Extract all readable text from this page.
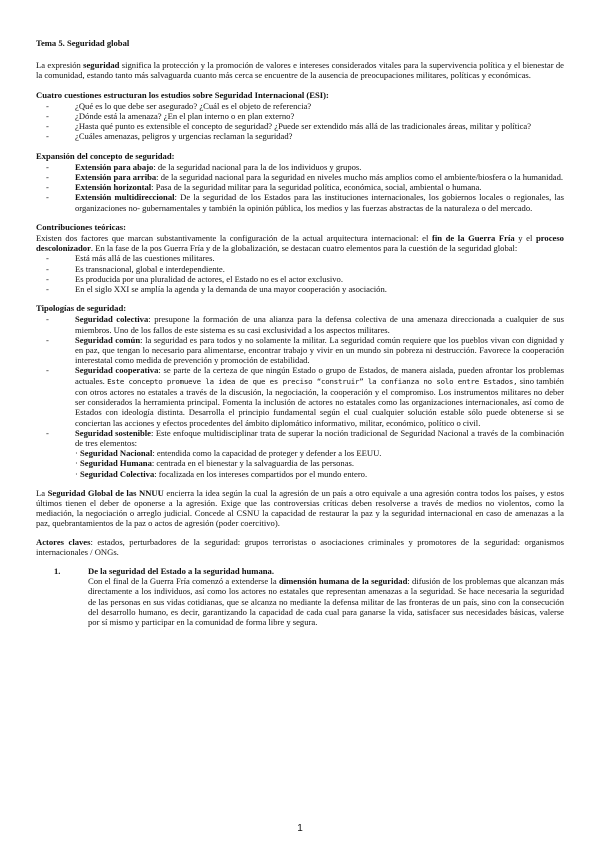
Tema 5. Seguridad global

La expresión seguridad significa la protección y la promoción de valores e intereses considerados vitales para la supervivencia política y el bienestar de la comunidad, estando tanto más salvaguarda cuanto más cerca se encuentre de la ausencia de preocupaciones militares, políticas y económicas.

Cuatro cuestiones estructuran los estudios sobre Seguridad Internacional (ESI):
- ¿Qué es lo que debe ser asegurado? ¿Cuál es el objeto de referencia?
- ¿Dónde está la amenaza? ¿En el plan interno o en plan externo?
- ¿Hasta qué punto es extensible el concepto de seguridad? ¿Puede ser extendido más allá de las tradicionales áreas, militar y política?
- ¿Cuáles amenazas, peligros y urgencias reclaman la seguridad?
Expansión del concepto de seguridad:
- Extensión para abajo: de la seguridad nacional para la de los individuos y grupos.
- Extensión para arriba: de la seguridad nacional para la seguridad en niveles mucho más amplios como el ambiente/biosfera o la humanidad.
- Extensión horizontal: Pasa de la seguridad militar para la seguridad política, económica, social, ambiental o humana.
- Extensión multidireccional: De la seguridad de los Estados para las instituciones internacionales, los gobiernos locales o regionales, las organizaciones no- gubernamentales y también la opinión pública, los medios y las fuerzas abstractas de la naturaleza o del mercado.
Contribuciones teóricas:
Existen dos factores que marcan substantivamente la configuración de la actual arquitectura internacional: el fin de la Guerra Fría y el proceso descolonizador. En la fase de la pos Guerra Fría y de la globalización, se destacan cuatro elementos para la cuestión de la seguridad global:
- Está más allá de las cuestiones militares.
- Es transnacional, global e interdependiente.
- Es producida por una pluralidad de actores, el Estado no es el actor exclusivo.
- En el siglo XXI se amplía la agenda y la demanda de una mayor cooperación y asociación.
Tipologías de seguridad:
- Seguridad colectiva: presupone la formación de una alianza para la defensa colectiva de una amenaza direccionada a cualquier de sus miembros. Uno de los fallos de este sistema es su casi exclusividad a los aspectos militares.
- Seguridad común: la seguridad es para todos y no solamente la militar. La seguridad común requiere que los pueblos vivan con dignidad y en paz, que tengan lo necesario para alimentarse, encontrar trabajo y vivir en un mundo sin pobreza ni destrucción. Favorece la cooperación interestatal como medida de prevención y promoción de estabilidad.
- Seguridad cooperativa: se parte de la certeza de que ningún Estado o grupo de Estados, de manera aislada, pueden afrontar los problemas actuales. Este concepto promueve la idea de que es preciso “construir” la confianza no solo entre Estados, sino también con otros actores no estatales a través de la discusión, la negociación, la cooperación y el compromiso. Los instrumentos militares no deber ser considerados la herramienta principal. Fomenta la inclusión de actores no estatales como las organizaciones internacionales, así como de Estados con ideología distinta. Desarrolla el principio fundamental según el cual cualquier solución estable sólo puede obtenerse si se conciertan las acciones y efectos procedentes del ámbito diplomático informativo, militar, económico, político o civil.
- Seguridad sostenible: Este enfoque multidisciplinar trata de superar la noción tradicional de Seguridad Nacional a través de la combinación de tres elementos:
· Seguridad Nacional: entendida como la capacidad de proteger y defender a los EEUU.
· Seguridad Humana: centrada en el bienestar y la salvaguardia de las personas.
· Seguridad Colectiva: focalizada en los intereses compartidos por el mundo entero.

La Seguridad Global de las NNUU encierra la idea según la cual la agresión de un país a otro equivale a una agresión contra todos los países, y estos últimos tienen el deber de oponerse a la agresión. Exige que las controversias críticas deben resolverse a través de medios no violentos, como la mediación, la negociación o arreglo judicial. Concede al CSNU la capacidad de restaurar la paz y la seguridad internacional en caso de amenazas a la paz, quebrantamientos de la paz o actos de agresión (poder coercitivo).

Actores claves: estados, perturbadores de la seguridad: grupos terroristas o asociaciones criminales y promotores de la seguridad: organismos internacionales / ONGs.

1.	De la seguridad del Estado a la seguridad humana.
Con el final de la Guerra Fría comenzó a extenderse la dimensión humana de la seguridad: difusión de los problemas que alcanzan más directamente a los individuos, así como los actores no estatales que representan amenazas a la seguridad. Se hace necesaria la seguridad de las personas en sus vidas cotidianas, que se alcanza no mediante la defensa militar de las fronteras de un país, sino con la consecución del desarrollo humano, es decir, garantizando la capacidad de cada cual para ganarse la vida, satisfacer sus necesidades básicas, valerse por sí mismo y participar en la comunidad de forma libre y segura.
1
